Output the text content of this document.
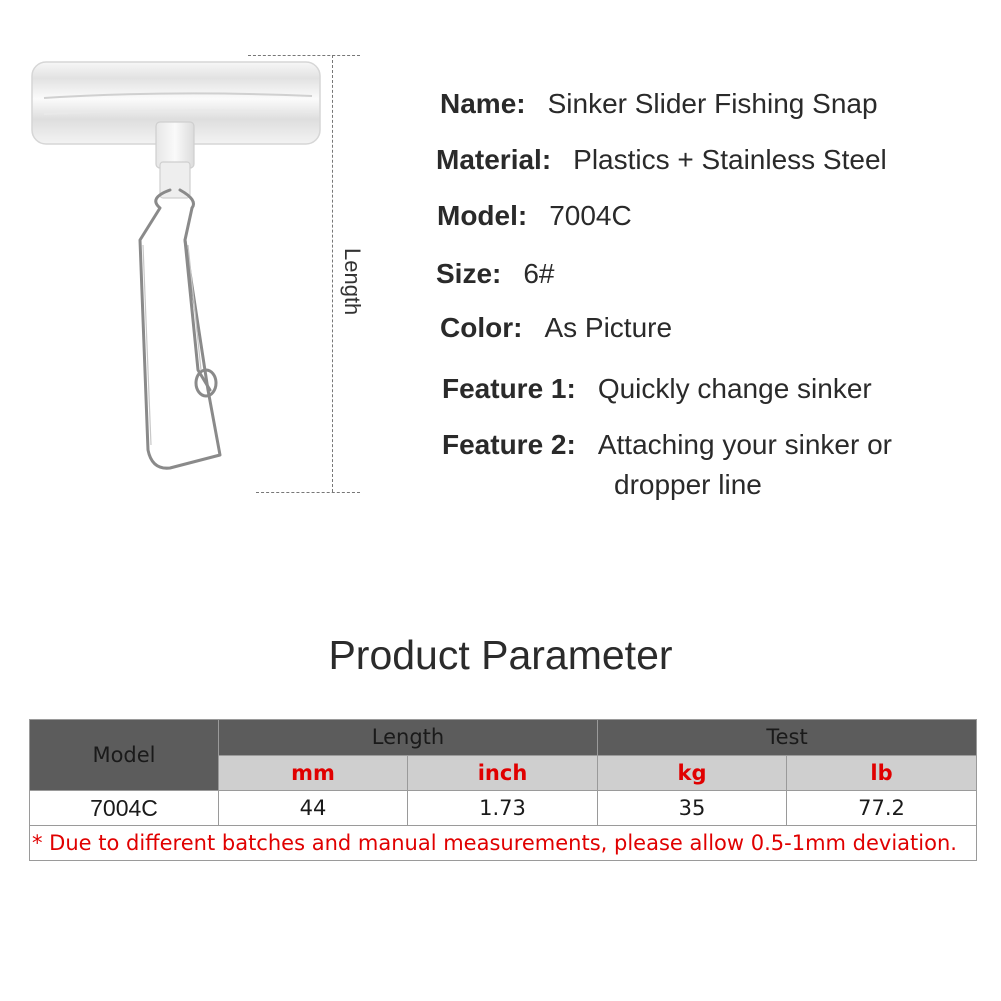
Length
Name: Sinker Slider Fishing Snap
Material: Plastics + Stainless Steel
Model: 7004C
Size: 6#
Color: As Picture
Feature 1: Quickly change sinker
Feature 2: Attaching your sinker or
dropper line
Product Parameter
Model	Length		Test	
	mm	inch	kg	lb
7004C	44	1.73	35	77.2
* Due to different batches and manual measurements, please allow 0.5-1mm deviation.				
